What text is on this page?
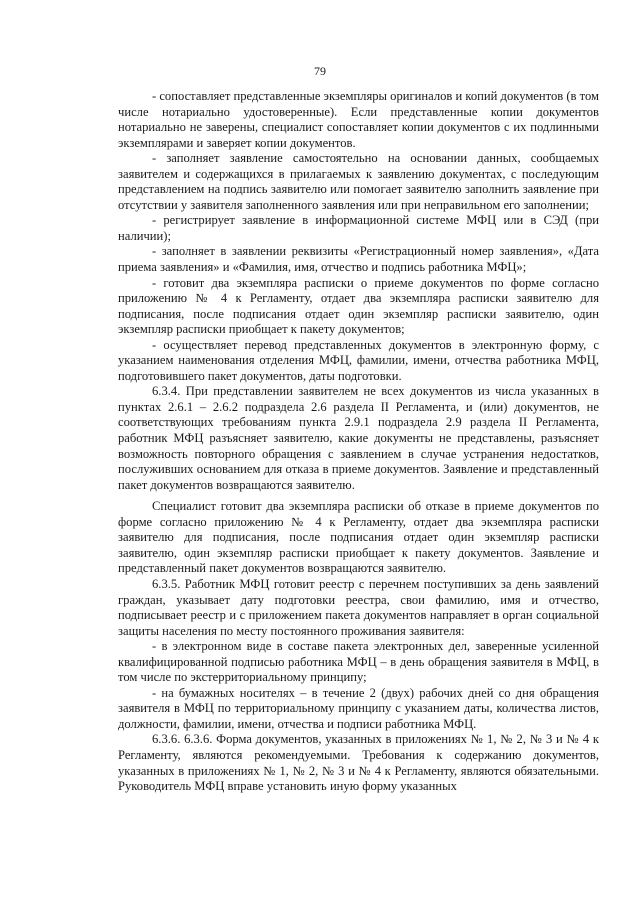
79

- сопоставляет представленные экземпляры оригиналов и копий документов (в том числе нотариально удостоверенные). Если представленные копии документов нотариально не заверены, специалист сопоставляет копии документов с их подлинными экземплярами и заверяет копии документов.

- заполняет заявление самостоятельно на основании данных, сообщаемых заявителем и содержащихся в прилагаемых к заявлению документах, с последующим представлением на подпись заявителю или помогает заявителю заполнить заявление при отсутствии у заявителя заполненного заявления или при неправильном его заполнении;

- регистрирует заявление в информационной системе МФЦ или в СЭД (при наличии);

- заполняет в заявлении реквизиты «Регистрационный номер заявления», «Дата приема заявления» и «Фамилия, имя, отчество и подпись работника МФЦ»;

- готовит два экземпляра расписки о приеме документов по форме согласно приложению № 4 к Регламенту, отдает два экземпляра расписки заявителю для подписания, после подписания отдает один экземпляр расписки заявителю, один экземпляр расписки приобщает к пакету документов;

- осуществляет перевод представленных документов в электронную форму, с указанием наименования отделения МФЦ, фамилии, имени, отчества работника МФЦ, подготовившего пакет документов, даты подготовки.

6.3.4. При представлении заявителем не всех документов из числа указанных в пунктах 2.6.1 – 2.6.2 подраздела 2.6 раздела II Регламента, и (или) документов, не соответствующих требованиям пункта 2.9.1 подраздела 2.9 раздела II Регламента, работник МФЦ разъясняет заявителю, какие документы не представлены, разъясняет возможность повторного обращения с заявлением в случае устранения недостатков, послуживших основанием для отказа в приеме документов. Заявление и представленный пакет документов возвращаются заявителю.

Специалист готовит два экземпляра расписки об отказе в приеме документов по форме согласно приложению № 4 к Регламенту, отдает два экземпляра расписки заявителю для подписания, после подписания отдает один экземпляр расписки заявителю, один экземпляр расписки приобщает к пакету документов. Заявление и представленный пакет документов возвращаются заявителю.

6.3.5. Работник МФЦ готовит реестр с перечнем поступивших за день заявлений граждан, указывает дату подготовки реестра, свои фамилию, имя и отчество, подписывает реестр и с приложением пакета документов направляет в орган социальной защиты населения по месту постоянного проживания заявителя:

- в электронном виде в составе пакета электронных дел, заверенные усиленной квалифицированной подписью работника МФЦ – в день обращения заявителя в МФЦ, в том числе по экстерриториальному принципу;

- на бумажных носителях – в течение 2 (двух) рабочих дней со дня обращения заявителя в МФЦ по территориальному принципу с указанием даты, количества листов, должности, фамилии, имени, отчества и подписи работника МФЦ.

6.3.6. 6.3.6. Форма документов, указанных в приложениях № 1, № 2, № 3 и № 4 к Регламенту, являются рекомендуемыми. Требования к содержанию документов, указанных в приложениях № 1, № 2, № 3 и № 4 к Регламенту, являются обязательными. Руководитель МФЦ вправе установить иную форму указанных
